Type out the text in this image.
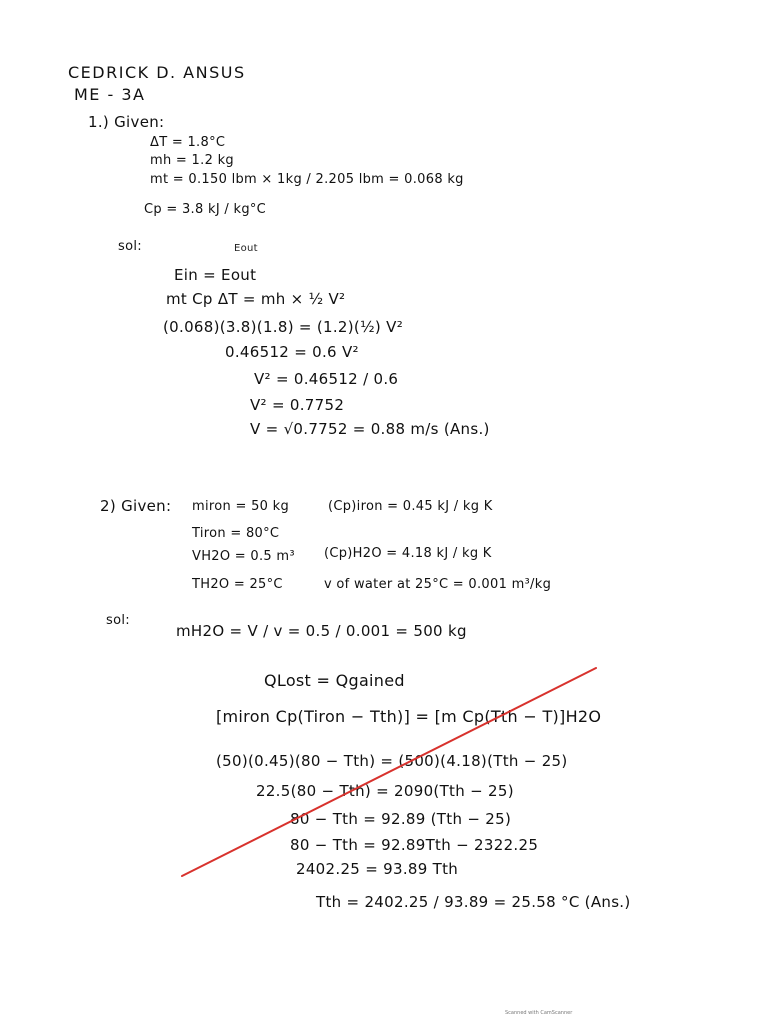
CEDRICK D. ANSUS
ME - 3A
1.) Given:
ΔT = 1.8°C
mh = 1.2 kg
mt = 0.150 lbm × 1kg / 2.205 lbm = 0.068 kg
Cp = 3.8 kJ / kg°C
sol:	Eout
Ein = Eout
mt Cp ΔT = mh × ½ V²
(0.068)(3.8)(1.8) = (1.2)(½) V²
0.46512 = 0.6 V²
V² = 0.46512 / 0.6
V² = 0.7752
V = √0.7752 = 0.88 m/s (Ans.)
2) Given: miron = 50 kg
Tiron = 80°C
VH2O = 0.5 m³
TH2O = 25°C
(Cp)iron = 0.45 kJ / kg K
(Cp)H2O = 4.18 kJ / kg K
v of water at 25°C = 0.001 m³/kg
sol:
mH2O = V / v = 0.5 / 0.001 = 500 kg
QLost = Qgained
[miron Cp(Tiron − Tth)] = [m Cp(Tth − T)]H2O
(50)(0.45)(80 − Tth) = (500)(4.18)(Tth − 25)
22.5(80 − Tth) = 2090(Tth − 25)
80 − Tth = 92.89 (Tth − 25)
80 − Tth = 92.89Tth − 2322.25
2402.25 = 93.89 Tth
Tth = 2402.25 / 93.89 = 25.58 °C (Ans.)
Scanned with CamScanner
